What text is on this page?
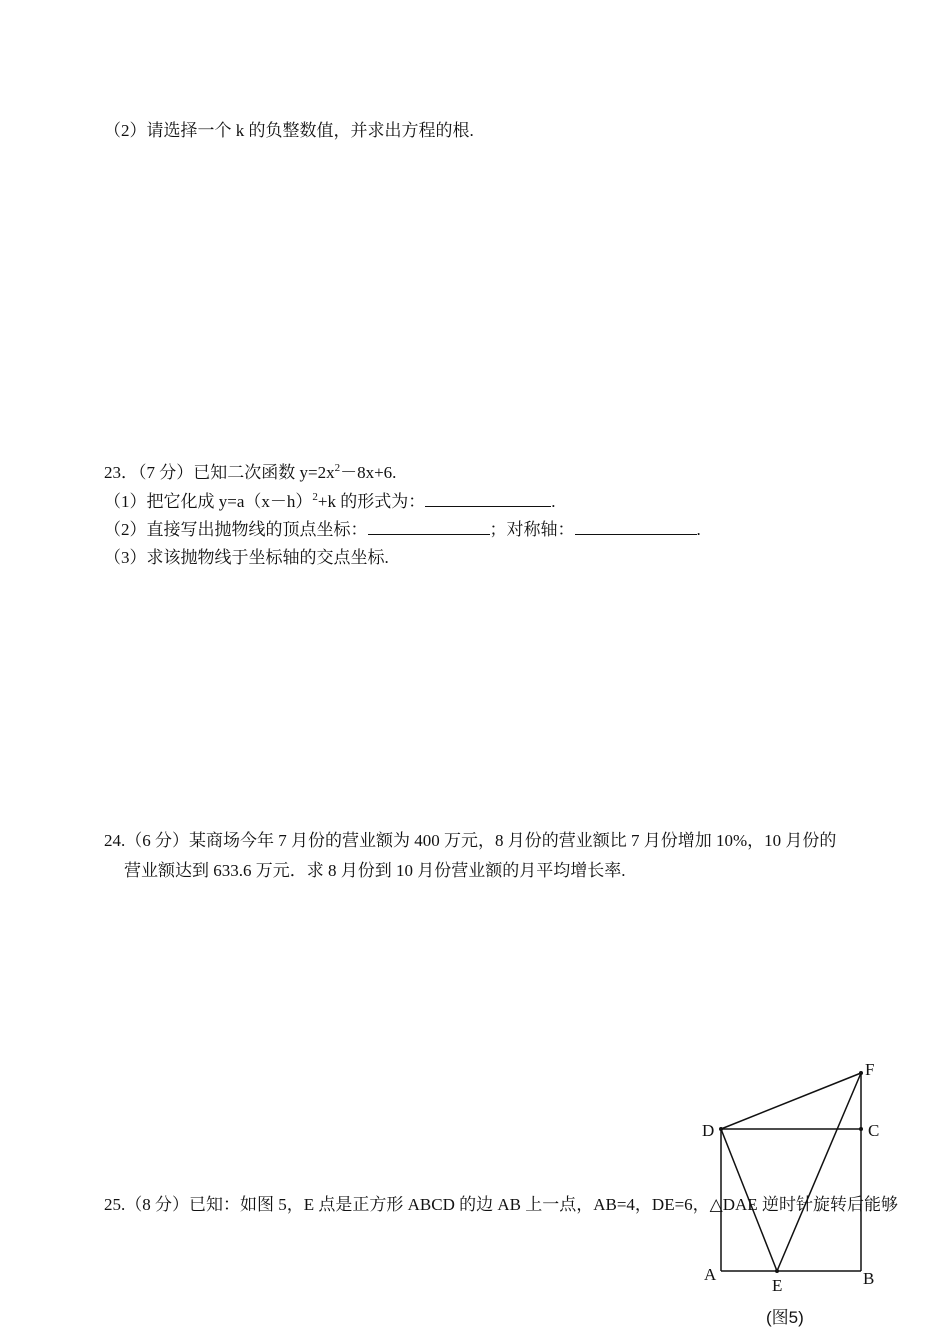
（2）请选择一个 k 的负整数值，并求出方程的根.
23．（7 分）已知二次函数 $y=2x^2-8x+6$.
（1）把它化成 $y=a(x-h)^2+k$ 的形式为：	.
（2）直接写出抛物线的顶点坐标：	；对称轴：	.
（3）求该抛物线于坐标轴的交点坐标.
24.（6 分）某商场今年 7 月份的营业额为 400 万元，8 月份的营业额比 7 月份增加 10%，10 月份的
营业额达到 633.6 万元．求 8 月份到 10 月份营业额的月平均增长率.
25.（8 分）已知：如图 5，E 点是正方形 ABCD 的边 AB 上一点，AB=4，DE=6，△DAE 逆时针旋转后能够
F
D	C
A
E	B
(图5)
